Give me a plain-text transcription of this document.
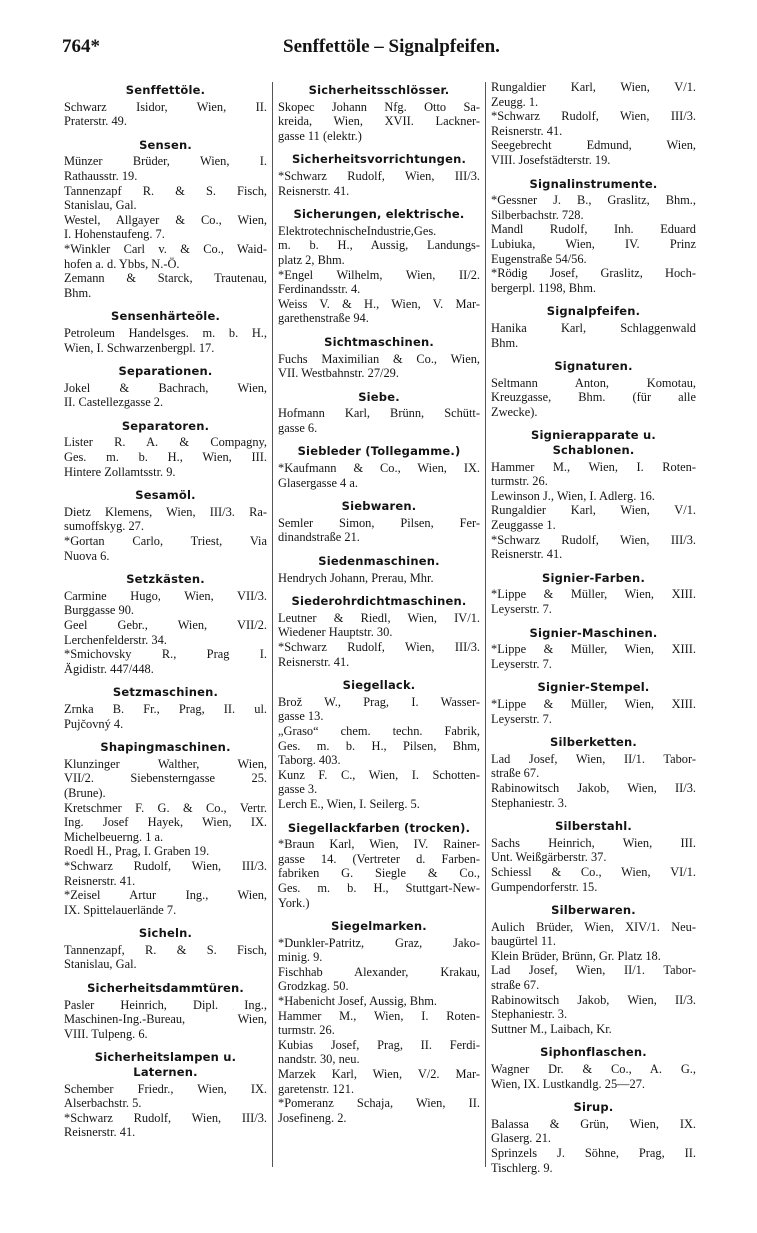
764*	Senffettöle – Signalpfeifen.
Senffettöle.
Schwarz Isidor, Wien, II.
Praterstr. 49.
Sensen.
Münzer Brüder, Wien, I.
Rathausstr. 19.
Tannenzapf R. & S. Fisch,
Stanislau, Gal.
Westel, Allgayer & Co., Wien,
I. Hohenstaufeng. 7.
*Winkler Carl v. & Co., Waid-
hofen a. d. Ybbs, N.-Ö.
Zemann & Starck, Trautenau,
Bhm.
Sensenhärteöle.
Petroleum Handelsges. m. b. H.,
Wien, I. Schwarzenbergpl. 17.
Separationen.
Jokel & Bachrach, Wien,
II. Castellezgasse 2.
Separatoren.
Lister R. A. & Compagny,
Ges. m. b. H., Wien, III.
Hintere Zollamtsstr. 9.
Sesamöl.
Dietz Klemens, Wien, III/3. Ra-
sumoffskyg. 27.
*Gortan Carlo, Triest, Via
Nuova 6.
Setzkästen.
Carmine Hugo, Wien, VII/3.
Burggasse 90.
Geel Gebr., Wien, VII/2.
Lerchenfelderstr. 34.
*Smichovsky R., Prag I.
Ägidistr. 447/448.
Setzmaschinen.
Zrnka B. Fr., Prag, II. ul.
Pujčovný 4.
Shapingmaschinen.
Klunzinger Walther, Wien,
VII/2. Siebensterngasse 25.
(Brune).
Kretschmer F. G. & Co., Vertr.
Ing. Josef Hayek, Wien, IX.
Michelbeuerng. 1 a.
Roedl H., Prag, I. Graben 19.
*Schwarz Rudolf, Wien, III/3.
Reisnerstr. 41.
*Zeisel Artur Ing., Wien,
IX. Spittelauerlände 7.
Sicheln.
Tannenzapf, R. & S. Fisch,
Stanislau, Gal.
Sicherheitsdammtüren.
Pasler Heinrich, Dipl. Ing.,
Maschinen-Ing.-Bureau, Wien,
VIII. Tulpeng. 6.
Sicherheitslampen u. Laternen.
Schember Friedr., Wien, IX.
Alserbachstr. 5.
*Schwarz Rudolf, Wien, III/3.
Reisnerstr. 41.
Sicherheitsschlösser.
Skopec Johann Nfg. Otto Sa-
kreida, Wien, XVII. Lackner-
gasse 11 (elektr.)
Sicherheitsvorrichtungen.
*Schwarz Rudolf, Wien, III/3.
Reisnerstr. 41.
Sicherungen, elektrische.
ElektrotechnischeIndustrie,Ges.
m. b. H., Aussig, Landungs-
platz 2, Bhm.
*Engel Wilhelm, Wien, II/2.
Ferdinandsstr. 4.
Weiss V. & H., Wien, V. Mar-
garethenstraße 94.
Sichtmaschinen.
Fuchs Maximilian & Co., Wien,
VII. Westbahnstr. 27/29.
Siebe.
Hofmann Karl, Brünn, Schütt-
gasse 6.
Siebleder (Tollegamme.)
*Kaufmann & Co., Wien, IX.
Glasergasse 4 a.
Siebwaren.
Semler Simon, Pilsen, Fer-
dinandstraße 21.
Siedenmaschinen.
Hendrych Johann, Prerau, Mhr.
Siederohrdichtmaschinen.
Leutner & Riedl, Wien, IV/1.
Wiedener Hauptstr. 30.
*Schwarz Rudolf, Wien, III/3.
Reisnerstr. 41.
Siegellack.
Brož W., Prag, I. Wasser-
gasse 13.
„Graso“ chem. techn. Fabrik,
Ges. m. b. H., Pilsen, Bhm,
Taborg. 403.
Kunz F. C., Wien, I. Schotten-
gasse 3.
Lerch E., Wien, I. Seilerg. 5.
Siegellackfarben (trocken).
*Braun Karl, Wien, IV. Rainer-
gasse 14. (Vertreter d. Farben-
fabriken G. Siegle & Co.,
Ges. m. b. H., Stuttgart-New-
York.)
Siegelmarken.
*Dunkler-Patritz, Graz, Jako-
minig. 9.
Fischhab Alexander, Krakau,
Grodzkag. 50.
*Habenicht Josef, Aussig, Bhm.
Hammer M., Wien, I. Roten-
turmstr. 26.
Kubias Josef, Prag, II. Ferdi-
nandstr. 30, neu.
Marzek Karl, Wien, V/2. Mar-
garetenstr. 121.
*Pomeranz Schaja, Wien, II.
Josefineng. 2.
Rungaldier Karl, Wien, V/1.
Zeugg. 1.
*Schwarz Rudolf, Wien, III/3.
Reisnerstr. 41.
Seegebrecht Edmund, Wien,
VIII. Josefstädterstr. 19.
Signalinstrumente.
*Gessner J. B., Graslitz, Bhm.,
Silberbachstr. 728.
Mandl Rudolf, Inh. Eduard
Lubiuka, Wien, IV. Prinz
Eugenstraße 54/56.
*Rödig Josef, Graslitz, Hoch-
bergerpl. 1198, Bhm.
Signalpfeifen.
Hanika Karl, Schlaggenwald
Bhm.
Signaturen.
Seltmann Anton, Komotau,
Kreuzgasse, Bhm. (für alle
Zwecke).
Signierapparate u. Schablonen.
Hammer M., Wien, I. Roten-
turmstr. 26.
Lewinson J., Wien, I. Adlerg. 16.
Rungaldier Karl, Wien, V/1.
Zeuggasse 1.
*Schwarz Rudolf, Wien, III/3.
Reisnerstr. 41.
Signier-Farben.
*Lippe & Müller, Wien, XIII.
Leyserstr. 7.
Signier-Maschinen.
*Lippe & Müller, Wien, XIII.
Leyserstr. 7.
Signier-Stempel.
*Lippe & Müller, Wien, XIII.
Leyserstr. 7.
Silberketten.
Lad Josef, Wien, II/1. Tabor-
straße 67.
Rabinowitsch Jakob, Wien, II/3.
Stephaniestr. 3.
Silberstahl.
Sachs Heinrich, Wien, III.
Unt. Weißgärberstr. 37.
Schiessl & Co., Wien, VI/1.
Gumpendorferstr. 15.
Silberwaren.
Aulich Brüder, Wien, XIV/1. Neu-
baugürtel 11.
Klein Brüder, Brünn, Gr. Platz 18.
Lad Josef, Wien, II/1. Tabor-
straße 67.
Rabinowitsch Jakob, Wien, II/3.
Stephaniestr. 3.
Suttner M., Laibach, Kr.
Siphonflaschen.
Wagner Dr. & Co., A. G.,
Wien, IX. Lustkandlg. 25—27.
Sirup.
Balassa & Grün, Wien, IX.
Glaserg. 21.
Sprinzels J. Söhne, Prag, II.
Tischlerg. 9.
